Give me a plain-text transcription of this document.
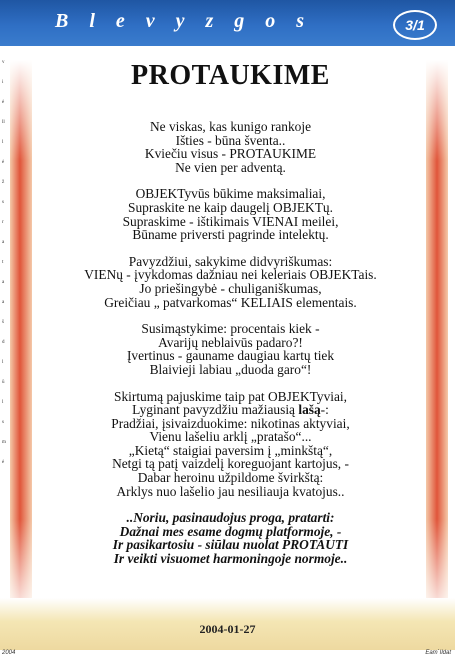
B l e v y z g o s	3/1
v
i
ė
ll
l
ė
ž
s
r
a
t
a
a
š
d
l
ū
l
s
m
ė
PROTAUKIME

Ne viskas, kas kunigo rankoje
Išties - būna šventa..
Kviečiu visus - PROTAUKIME
Ne vien per adventą.

OBJEKTyvūs būkime maksimaliai,
Supraskite ne kaip daugelį OBJEKTų.
Supraskime - ištikimais VIENAI meilei,
Būname priversti pagrinde intelektų.

Pavyzdžiui, sakykime didvyriškumas:
VIENų - įvykdomas dažniau nei keleriais OBJEKTais.
Jo priešingybė - chuliganiškumas,
Greičiau „ patvarkomas“ KELIAIS elementais.

Susimąstykime: procentais kiek -
Avarijų neblaivūs padaro?!
Įvertinus - gauname daugiau kartų tiek
Blaivieji labiau „duoda garo“!

Skirtumą pajuskime taip pat OBJEKTyviai,
Lyginant pavyzdžiu mažiausią lašą-:
Pradžiai, įsivaizduokime: nikotinas aktyviai,
Vienu lašeliu arklį „pratašo“...
„Kietą“ staigiai paversim į „minkštą“,
Netgi tą patį vaizdelį koreguojant kartojus, -
Dabar heroinu užpildome švirkštą:
Arklys nuo lašelio jau nesiliauja kvatojus..

..Noriu, pasinaudojus proga, pratarti:
Dažnai mes esame dogmų platformoje, -
Ir pasikartosiu - siūlau nuolat PROTAUTI
Ir veikti visuomet harmoningoje normoje..

2004-01-27
2004	Eam`Ildat
